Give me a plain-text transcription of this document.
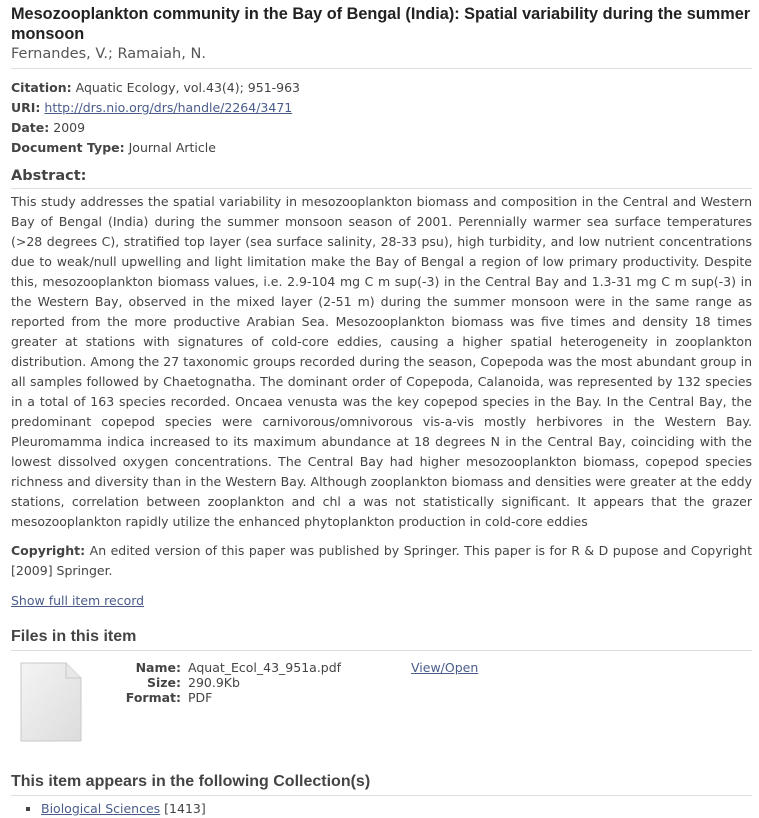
Mesozooplankton community in the Bay of Bengal (India): Spatial variability during the summer monsoon
Fernandes, V.; Ramaiah, N.
Citation: Aquatic Ecology, vol.43(4); 951-963
URI: http://drs.nio.org/drs/handle/2264/3471
Date: 2009
Document Type: Journal Article
Abstract:
This study addresses the spatial variability in mesozooplankton biomass and composition in the Central and Western Bay of Bengal (India) during the summer monsoon season of 2001. Perennially warmer sea surface temperatures (>28 degrees C), stratified top layer (sea surface salinity, 28-33 psu), high turbidity, and low nutrient concentrations due to weak/null upwelling and light limitation make the Bay of Bengal a region of low primary productivity. Despite this, mesozooplankton biomass values, i.e. 2.9-104 mg C m sup(-3) in the Central Bay and 1.3-31 mg C m sup(-3) in the Western Bay, observed in the mixed layer (2-51 m) during the summer monsoon were in the same range as reported from the more productive Arabian Sea. Mesozooplankton biomass was five times and density 18 times greater at stations with signatures of cold-core eddies, causing a higher spatial heterogeneity in zooplankton distribution. Among the 27 taxonomic groups recorded during the season, Copepoda was the most abundant group in all samples followed by Chaetognatha. The dominant order of Copepoda, Calanoida, was represented by 132 species in a total of 163 species recorded. Oncaea venusta was the key copepod species in the Bay. In the Central Bay, the predominant copepod species were carnivorous/omnivorous vis-a-vis mostly herbivores in the Western Bay. Pleuromamma indica increased to its maximum abundance at 18 degrees N in the Central Bay, coinciding with the lowest dissolved oxygen concentrations. The Central Bay had higher mesozooplankton biomass, copepod species richness and diversity than in the Western Bay. Although zooplankton biomass and densities were greater at the eddy stations, correlation between zooplankton and chl a was not statistically significant. It appears that the grazer mesozooplankton rapidly utilize the enhanced phytoplankton production in cold-core eddies
Copyright: An edited version of this paper was published by Springer. This paper is for R & D pupose and Copyright [2009] Springer.
Show full item record
Files in this item
Name: Aquat_Ecol_43_951a.pdf
Size: 290.9Kb
Format: PDF
View/Open
This item appears in the following Collection(s)
▪ Biological Sciences [1413]
